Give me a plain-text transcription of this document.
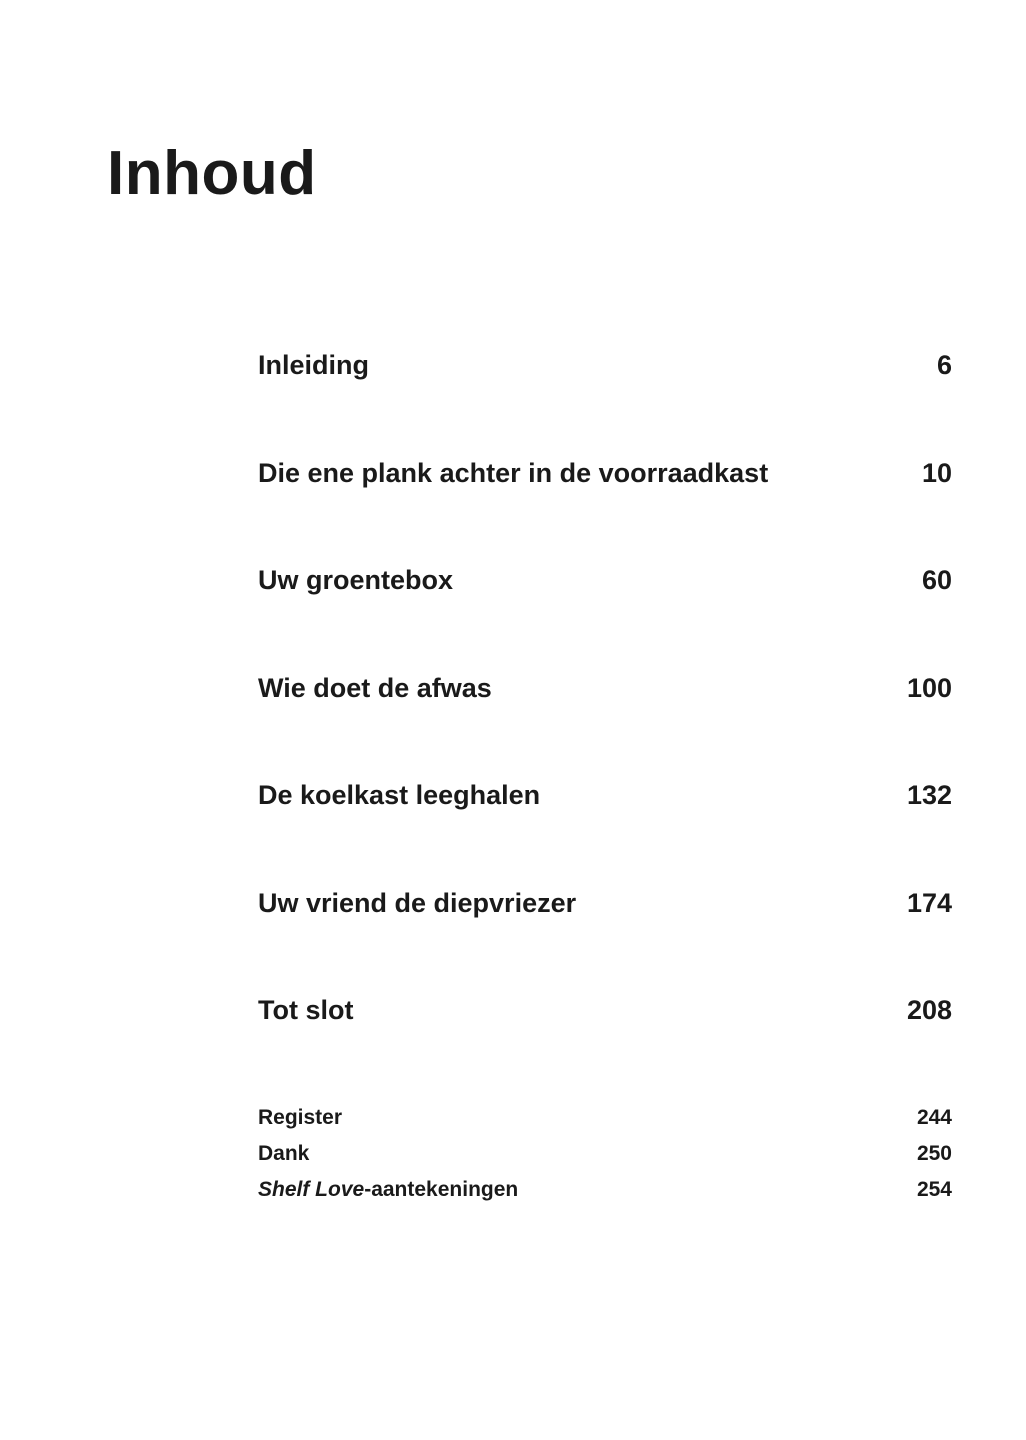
Inhoud
Inleiding	6
Die ene plank achter in de voorraadkast	10
Uw groentebox	60
Wie doet de afwas	100
De koelkast leeghalen	132
Uw vriend de diepvriezer	174
Tot slot	208
Register	244
Dank	250
Shelf Love-aantekeningen	254
